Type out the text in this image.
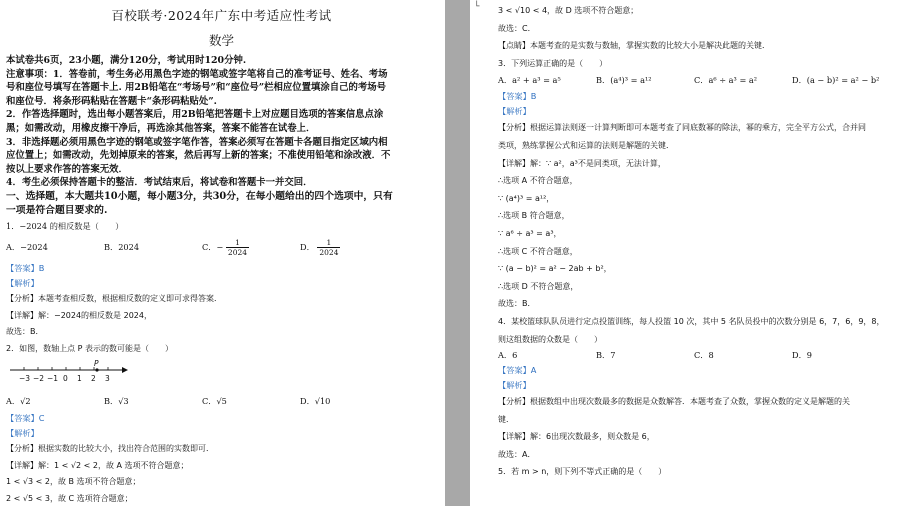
百校联考·2024年广东中考适应性考试
数学
本试卷共6页，23小题，满分120分，考试用时120分钟.
注意事项：1．答卷前，考生务必用黑色字迹的钢笔或签字笔将自己的准考证号、姓名、考场
号和座位号填写在答题卡上. 用2B铅笔在“考场号”和“座位号”栏相应位置填涂自己的考场号
和座位号．将条形码粘贴在答题卡“条形码粘贴处”.
2．作答选择题时，选出每小题答案后，用2B铅笔把答题卡上对应题目选项的答案信息点涂
黑；如需改动，用橡皮擦干净后，再选涂其他答案，答案不能答在试卷上．
3．非选择题必须用黑色字迹的钢笔或签字笔作答，答案必须写在答题卡各题目指定区域内相
应位置上；如需改动，先划掉原来的答案，然后再写上新的答案；不准使用铅笔和涂改液．不
按以上要求作答的答案无效．
4．考生必须保持答题卡的整洁．考试结束后，将试卷和答题卡一并交回．
一、选择题，本大题共10小题，每小题3分，共30分，在每小题给出的四个选项中，只有
一项是符合题目要求的.
1．−2024 的相反数是（　　）
A．−2024	B．2024	C．− $\frac{1}{2024}$	D． $\frac{1}{2024}$
【答案】B
【解析】
【分析】本题考查相反数，根据相反数的定义即可求得答案．
【详解】解：−2024的相反数是 2024，
故选：B．
2．如图，数轴上点 P 表示的数可能是（　　）
−3 −2 −1 0 1 2 3
P
A．√2	B．√3	C．√5	D．√10
【答案】C
【解析】
【分析】根据实数的比较大小，找出符合范围的实数即可．
【详解】解：1 < √2 < 2，故 A 选项不符合题意；
1 < √3 < 2，故 B 选项不符合题意；
2 < √5 < 3，故 C 选项符合题意；
└ 3 < √10 < 4，故 D 选项不符合题意；
故选：C．
【点睛】本题考查的是实数与数轴，掌握实数的比较大小是解决此题的关键．
3．下列运算正确的是（　　）
A．a² + a³ = a⁵	B．(a⁴)³ = a¹²	C．a⁶ ÷ a³ = a²	D．(a − b)² = a² − b²
【答案】B
【解析】
【分析】根据运算法则逐一计算判断即可本题考查了同底数幂的除法，幂的乘方，完全平方公式，合并同
类项，熟练掌握公式和运算的法则是解题的关键．
【详解】解：∵ a²，a³不是同类项，无法计算，
∴选项 A 不符合题意，
∵ (a⁴)³ = a¹²，
∴选项 B 符合题意，
∵ a⁶ ÷ a³ = a³，
∴选项 C 不符合题意，
∵ (a − b)² = a² − 2ab + b²，
∴选项 D 不符合题意，
故选：B．
4．某校篮球队队员进行定点投篮训练，每人投篮 10 次，其中 5 名队员投中的次数分别是 6，7，6，9，8，
则这组数据的众数是（　　）
A．6	B．7	C．8	D．9
【答案】A
【解析】
【分析】根据数组中出现次数最多的数据是众数解答．本题考查了众数，掌握众数的定义是解题的关
键．
【详解】解：6出现次数最多，则众数是 6，
故选：A．
5．若 m > n，则下列不等式正确的是（　　）
